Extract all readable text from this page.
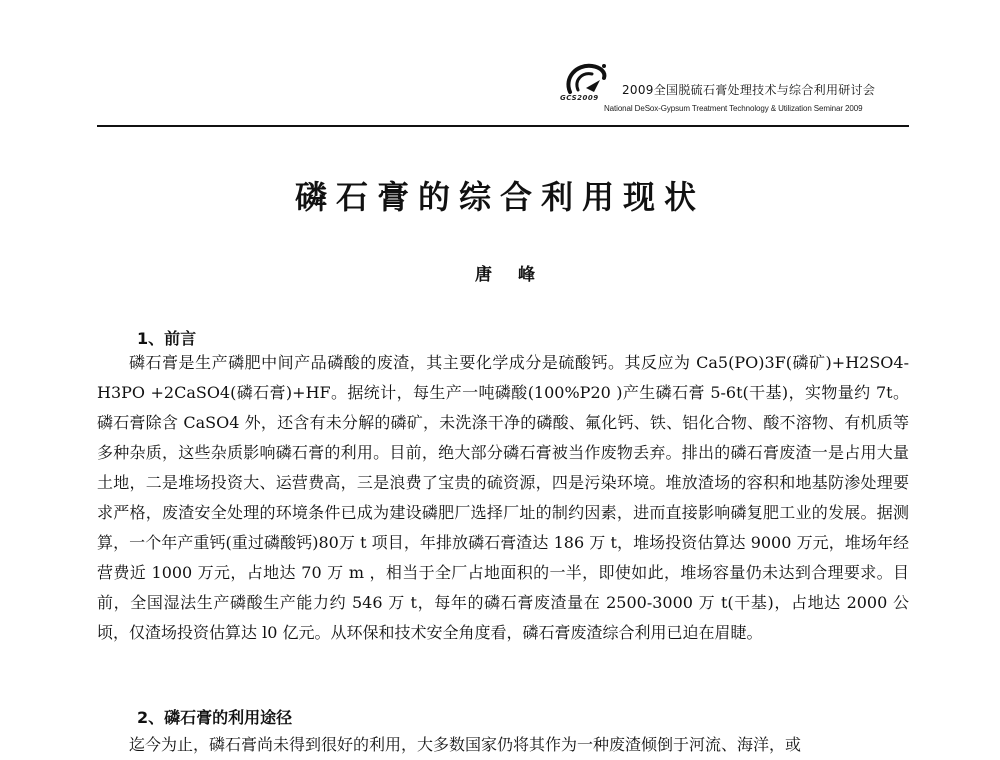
GCS2009
2009全国脱硫石膏处理技术与综合利用研讨会
National DeSox-Gypsum Treatment Technology & Utilization Seminar 2009
磷石膏的综合利用现状
唐 峰
1、前言
磷石膏是生产磷肥中间产品磷酸的废渣，其主要化学成分是硫酸钙。其反应为 Ca5(PO)3F(磷矿)+H2SO4-H3PO +2CaSO4(磷石膏)+HF。据统计，每生产一吨磷酸(100%P20 )产生磷石膏 5-6t(干基)，实物量约 7t。磷石膏除含 CaSO4 外，还含有未分解的磷矿，未洗涤干净的磷酸、氟化钙、铁、铝化合物、酸不溶物、有机质等多种杂质，这些杂质影响磷石膏的利用。目前，绝大部分磷石膏被当作废物丢弃。排出的磷石膏废渣一是占用大量土地，二是堆场投资大、运营费高，三是浪费了宝贵的硫资源，四是污染环境。堆放渣场的容积和地基防渗处理要求严格，废渣安全处理的环境条件已成为建设磷肥厂选择厂址的制约因素，进而直接影响磷复肥工业的发展。据测算，一个年产重钙(重过磷酸钙)80万 t 项目，年排放磷石膏渣达 186 万 t，堆场投资估算达 9000 万元，堆场年经营费近 1000 万元，占地达 70 万 m ，相当于全厂占地面积的一半，即使如此，堆场容量仍未达到合理要求。目前，全国湿法生产磷酸生产能力约 546 万 t，每年的磷石膏废渣量在 2500-3000 万 t(干基)，占地达 2000 公顷，仅渣场投资估算达 l0 亿元。从环保和技术安全角度看，磷石膏废渣综合利用已迫在眉睫。
2、磷石膏的利用途径
迄今为止，磷石膏尚未得到很好的利用，大多数国家仍将其作为一种废渣倾倒于河流、海洋，或
